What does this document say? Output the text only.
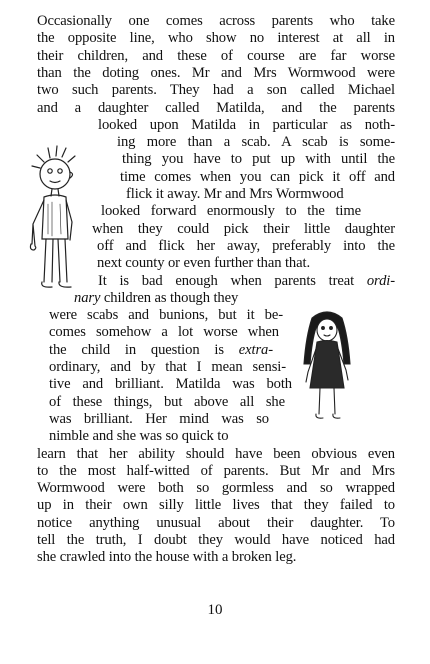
Occasionally one comes across parents who take
the opposite line, who show no interest at all in
their children, and these of course are far worse
than the doting ones. Mr and Mrs Wormwood were
two such parents. They had a son called Michael
and a daughter called Matilda, and the parents
looked upon Matilda in particular as noth-
ing more than a scab. A scab is some-
thing you have to put up with until the
time comes when you can pick it off and
flick it away. Mr and Mrs Wormwood
looked forward enormously to the time
when they could pick their little daughter
off and flick her away, preferably into the
next county or even further than that.
It is bad enough when parents treat ordi-
nary children as though they
were scabs and bunions, but it be-
comes somehow a lot worse when
the child in question is extra-
ordinary, and by that I mean sensi-
tive and brilliant. Matilda was both
of these things, but above all she
was brilliant. Her mind was so
nimble and she was so quick to
learn that her ability should have been obvious even
to the most half-witted of parents. But Mr and Mrs
Wormwood were both so gormless and so wrapped
up in their own silly little lives that they failed to
notice anything unusual about their daughter. To
tell the truth, I doubt they would have noticed had
she crawled into the house with a broken leg.
10
